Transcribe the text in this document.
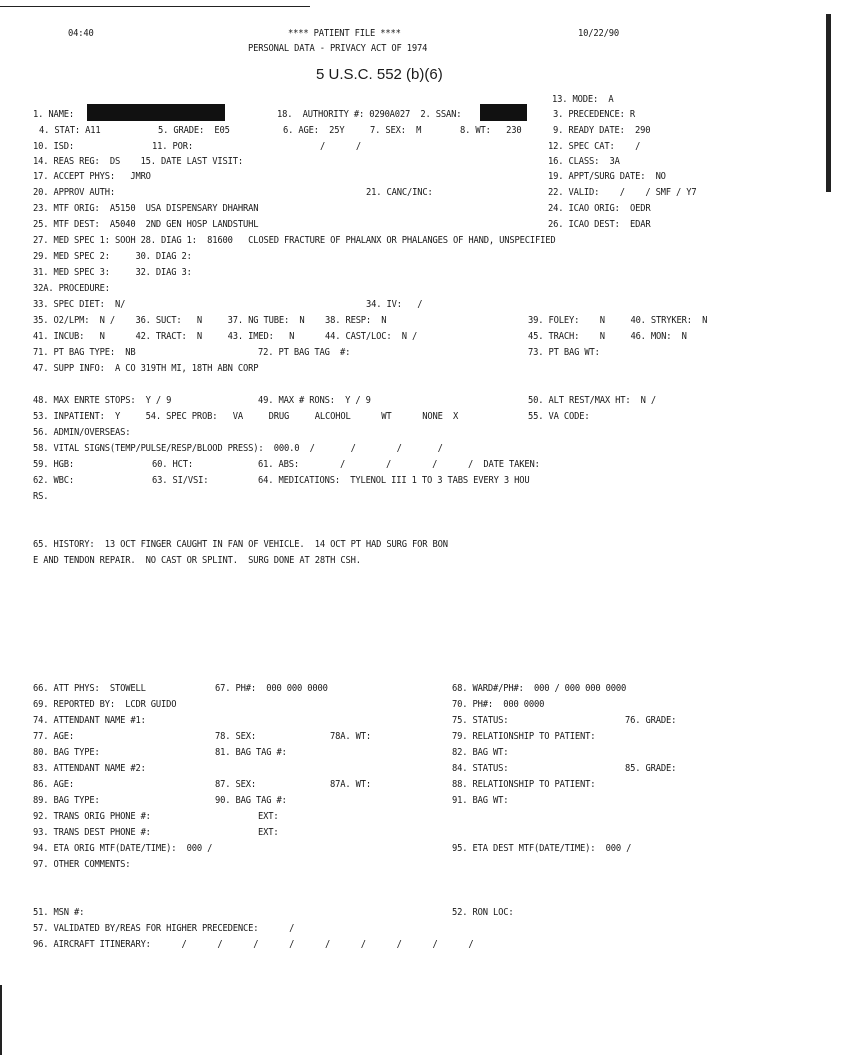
04:40	**** PATIENT FILE ****	10/22/90
PERSONAL DATA - PRIVACY ACT OF 1974
5 U.S.C. 552 (b)(6)
13. MODE:  A
1. NAME:	18.  AUTHORITY #: 0290A027  2. SSAN:	3. PRECEDENCE: R
4. STAT: A11	5. GRADE:  E05	6. AGE:  25Y	7. SEX:  M	8. WT:   230	9. READY DATE:  290
10. ISD:	11. POR:	/      /	12. SPEC CAT:    /
14. REAS REG:  DS    15. DATE LAST VISIT:	16. CLASS:  3A
17. ACCEPT PHYS:   JMRO	19. APPT/SURG DATE:  NO
20. APPROV AUTH:	21. CANC/INC:	22. VALID:    /    / SMF / Y7
23. MTF ORIG:  A5150  USA DISPENSARY DHAHRAN	24. ICAO ORIG:  OEDR
25. MTF DEST:  A5040  2ND GEN HOSP LANDSTUHL	26. ICAO DEST:  EDAR
27. MED SPEC 1: SOOH 28. DIAG 1:  81600   CLOSED FRACTURE OF PHALANX OR PHALANGES OF HAND, UNSPECIFIED
29. MED SPEC 2:     30. DIAG 2:
31. MED SPEC 3:     32. DIAG 3:
32A. PROCEDURE:
33. SPEC DIET:  N/	34. IV:   /
35. O2/LPM:  N /    36. SUCT:   N     37. NG TUBE:  N    38. RESP:  N	39. FOLEY:    N     40. STRYKER:  N
41. INCUB:   N      42. TRACT:  N     43. IMED:   N      44. CAST/LOC:  N /	45. TRACH:    N     46. MON:  N
71. PT BAG TYPE:  NB	72. PT BAG TAG  #:	73. PT BAG WT:
47. SUPP INFO:  A CO 319TH MI, 18TH ABN CORP
48. MAX ENRTE STOPS:  Y / 9	49. MAX # RONS:  Y / 9	50. ALT REST/MAX HT:  N /
53. INPATIENT:  Y     54. SPEC PROB:   VA     DRUG     ALCOHOL      WT      NONE  X	55. VA CODE:
56. ADMIN/OVERSEAS:
58. VITAL SIGNS(TEMP/PULSE/RESP/BLOOD PRESS):  000.0  /       /        /       /
59. HGB:	60. HCT:	61. ABS:        /        /        /      /  DATE TAKEN:
62. WBC:	63. SI/VSI:	64. MEDICATIONS:  TYLENOL III 1 TO 3 TABS EVERY 3 HOU
RS.
65. HISTORY:  13 OCT FINGER CAUGHT IN FAN OF VEHICLE.  14 OCT PT HAD SURG FOR BON
E AND TENDON REPAIR.  NO CAST OR SPLINT.  SURG DONE AT 28TH CSH.
66. ATT PHYS:  STOWELL	67. PH#:  000 000 0000	68. WARD#/PH#:  000 / 000 000 0000
69. REPORTED BY:  LCDR GUIDO	70. PH#:  000 0000
74. ATTENDANT NAME #1:	75. STATUS:	76. GRADE:
77. AGE:	78. SEX:	78A. WT:	79. RELATIONSHIP TO PATIENT:
80. BAG TYPE:	81. BAG TAG #:	82. BAG WT:
83. ATTENDANT NAME #2:	84. STATUS:	85. GRADE:
86. AGE:	87. SEX:	87A. WT:	88. RELATIONSHIP TO PATIENT:
89. BAG TYPE:	90. BAG TAG #:	91. BAG WT:
92. TRANS ORIG PHONE #:	EXT:
93. TRANS DEST PHONE #:	EXT:
94. ETA ORIG MTF(DATE/TIME):  000 /	95. ETA DEST MTF(DATE/TIME):  000 /
97. OTHER COMMENTS:
51. MSN #:	52. RON LOC:
57. VALIDATED BY/REAS FOR HIGHER PRECEDENCE:      /
96. AIRCRAFT ITINERARY:      /      /      /      /      /      /      /      /      /
